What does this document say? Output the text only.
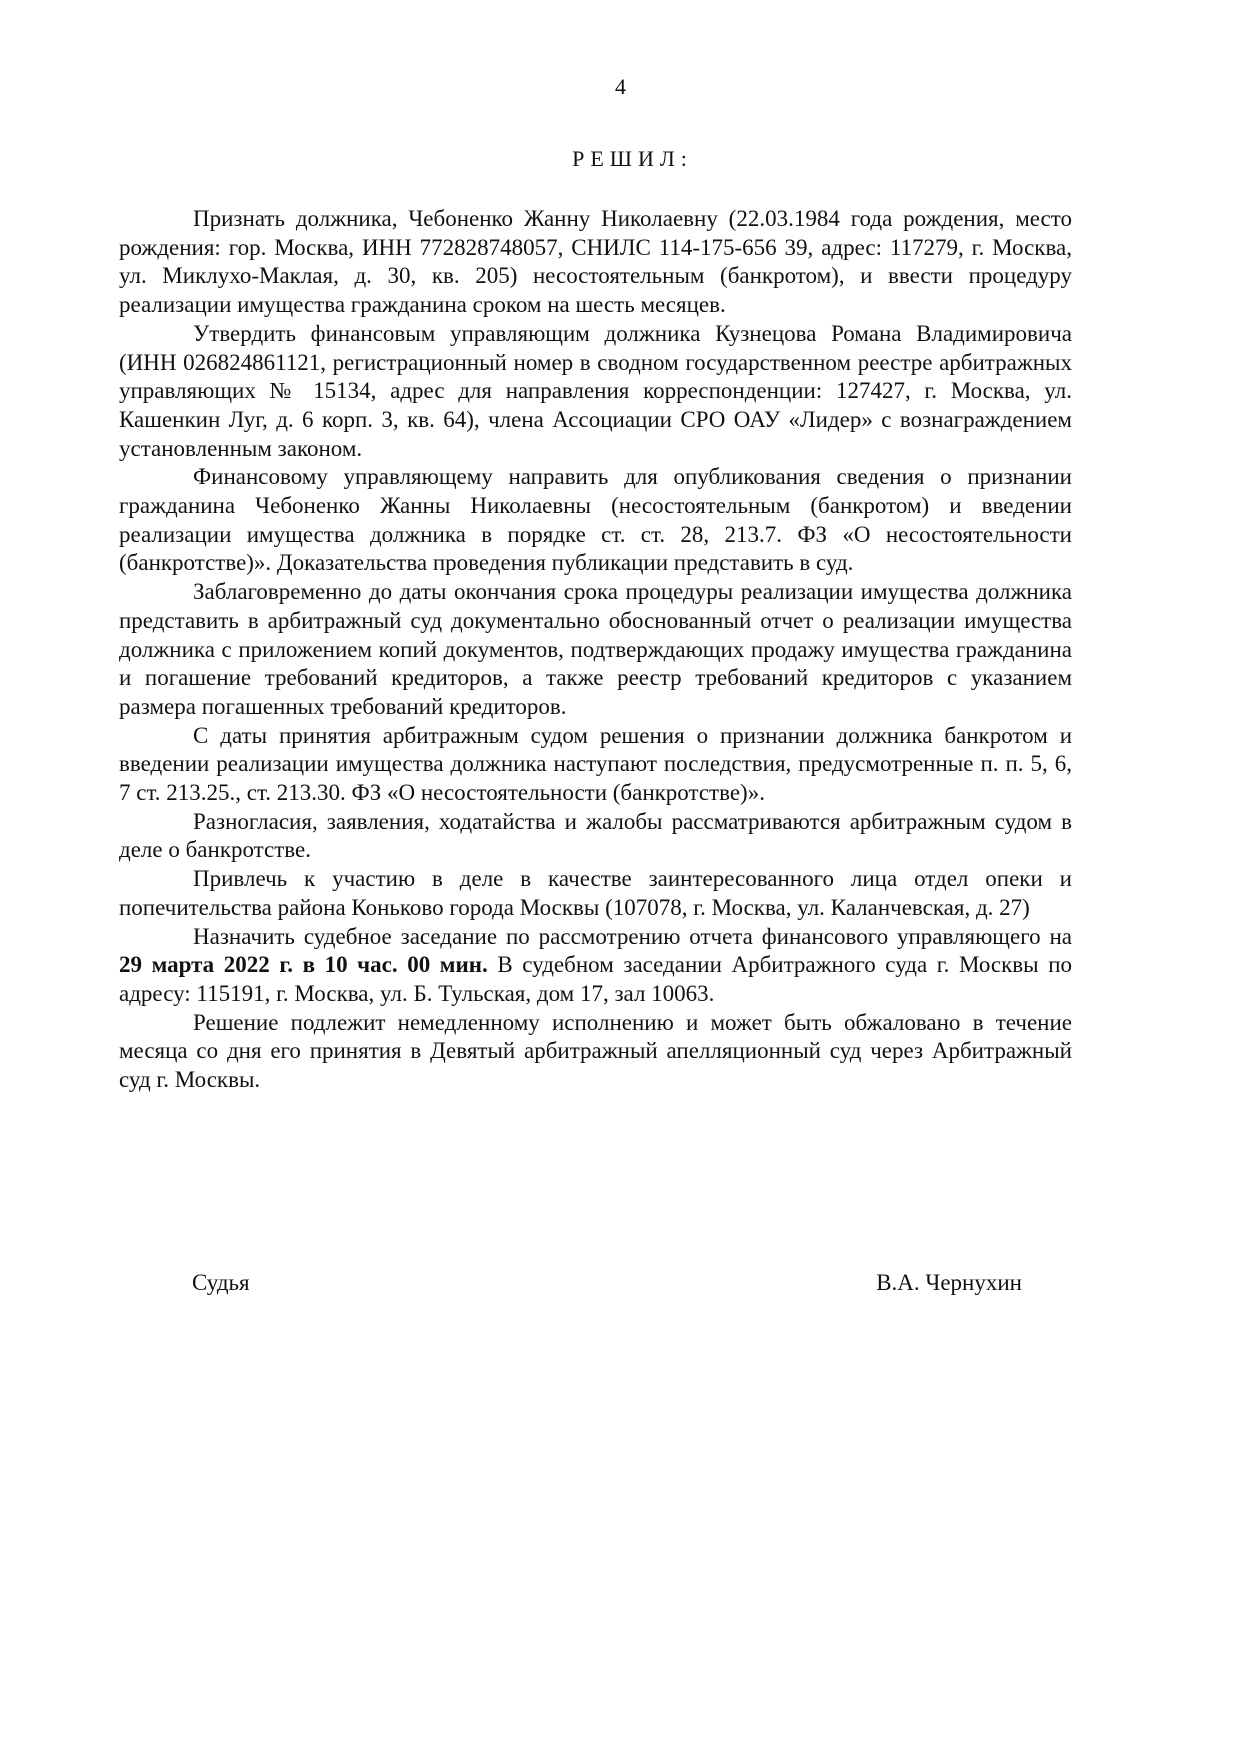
4
РЕШИЛ:

Признать должника, Чебоненко Жанну Николаевну (22.03.1984 года рождения, место рождения: гор. Москва, ИНН 772828748057, СНИЛС 114-175-656 39, адрес: 117279, г. Москва, ул. Миклухо-Маклая, д. 30, кв. 205) несостоятельным (банкротом), и ввести процедуру реализации имущества гражданина сроком на шесть месяцев.

Утвердить финансовым управляющим должника Кузнецова Романа Владимировича (ИНН 026824861121, регистрационный номер в сводном государственном реестре арбитражных управляющих № 15134, адрес для направления корреспонденции: 127427, г. Москва, ул. Кашенкин Луг, д. 6 корп. 3, кв. 64), члена Ассоциации СРО ОАУ «Лидер» с вознаграждением установленным законом.

Финансовому управляющему направить для опубликования сведения о признании гражданина Чебоненко Жанны Николаевны (несостоятельным (банкротом) и введении реализации имущества должника в порядке ст. ст. 28, 213.7. ФЗ «О несостоятельности (банкротстве)». Доказательства проведения публикации представить в суд.

Заблаговременно до даты окончания срока процедуры реализации имущества должника представить в арбитражный суд документально обоснованный отчет о реализации имущества должника с приложением копий документов, подтверждающих продажу имущества гражданина и погашение требований кредиторов, а также реестр требований кредиторов с указанием размера погашенных требований кредиторов.

С даты принятия арбитражным судом решения о признании должника банкротом и введении реализации имущества должника наступают последствия, предусмотренные п. п. 5, 6, 7 ст. 213.25., ст. 213.30. ФЗ «О несостоятельности (банкротстве)».

Разногласия, заявления, ходатайства и жалобы рассматриваются арбитражным судом в деле о банкротстве.

Привлечь к участию в деле в качестве заинтересованного лица отдел опеки и попечительства района Коньково города Москвы (107078, г. Москва, ул. Каланчевская, д. 27)

Назначить судебное заседание по рассмотрению отчета финансового управляющего на 29 марта 2022 г. в 10 час. 00 мин. В судебном заседании Арбитражного суда г. Москвы по адресу: 115191, г. Москва, ул. Б. Тульская, дом 17, зал 10063.

Решение подлежит немедленному исполнению и может быть обжаловано в течение месяца со дня его принятия в Девятый арбитражный апелляционный суд через Арбитражный суд г. Москвы.

Судья	В.А. Чернухин
